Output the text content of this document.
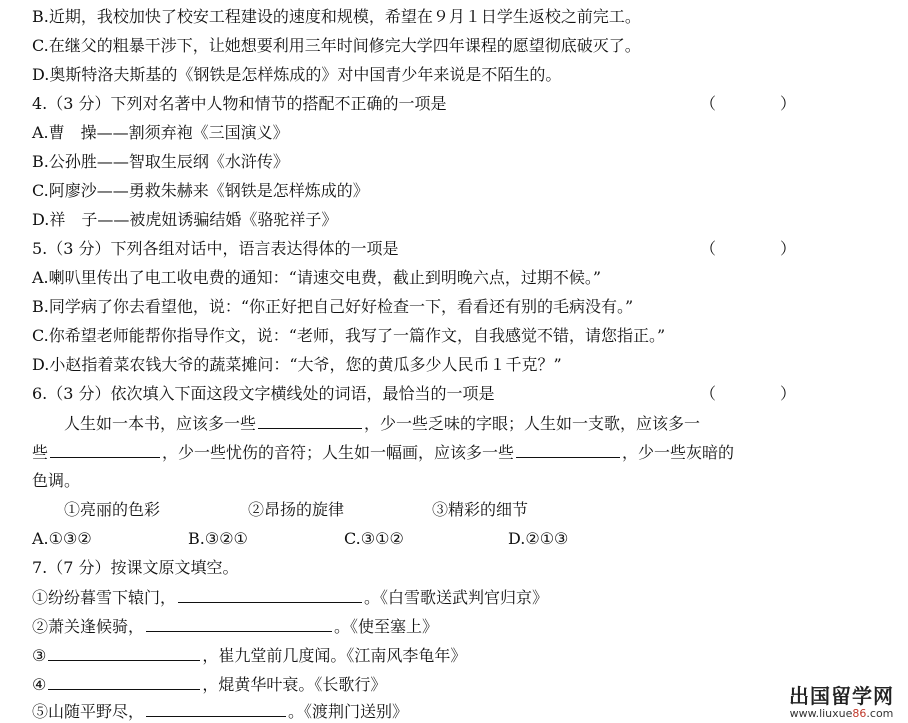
B.近期，我校加快了校安工程建设的速度和规模，希望在９月１日学生返校之前完工。
C.在继父的粗暴干涉下，让她想要利用三年时间修完大学四年课程的愿望彻底破灭了。
D.奥斯特洛夫斯基的《钢铁是怎样炼成的》对中国青少年来说是不陌生的。
4.（3 分）下列对名著中人物和情节的搭配不正确的一项是	（　　　　）
A.曹　操——割须弃袍《三国演义》
B.公孙胜——智取生辰纲《水浒传》
C.阿廖沙——勇救朱赫来《钢铁是怎样炼成的》
D.祥　子——被虎妞诱骗结婚《骆驼祥子》
5.（3 分）下列各组对话中，语言表达得体的一项是	（　　　　）
A.喇叭里传出了电工收电费的通知：“请速交电费，截止到明晚六点，过期不候。”
B.同学病了你去看望他，说：“你正好把自己好好检查一下，看看还有别的毛病没有。”
C.你希望老师能帮你指导作文，说：“老师，我写了一篇作文，自我感觉不错，请您指正。”
D.小赵指着菜农钱大爷的蔬菜摊问：“大爷，您的黄瓜多少人民币１千克？”
6.（3 分）依次填入下面这段文字横线处的词语，最恰当的一项是	（　　　　）
人生如一本书，应该多一些	，少一些乏味的字眼；人生如一支歌，应该多一
些	，少一些忧伤的音符；人生如一幅画，应该多一些	，少一些灰暗的
色调。
①亮丽的色彩	②昂扬的旋律	③精彩的细节
A.①③②	B.③②①	C.③①②	D.②①③
7.（7 分）按课文原文填空。
①纷纷暮雪下辕门，	。《白雪歌送武判官归京》
②萧关逢候骑，	。《使至塞上》
③	，崔九堂前几度闻。《江南风李龟年》
④	，焜黄华叶衰。《长歌行》
⑤山随平野尽，	。《渡荆门送别》
出国留学网
www.liuxue86.com
